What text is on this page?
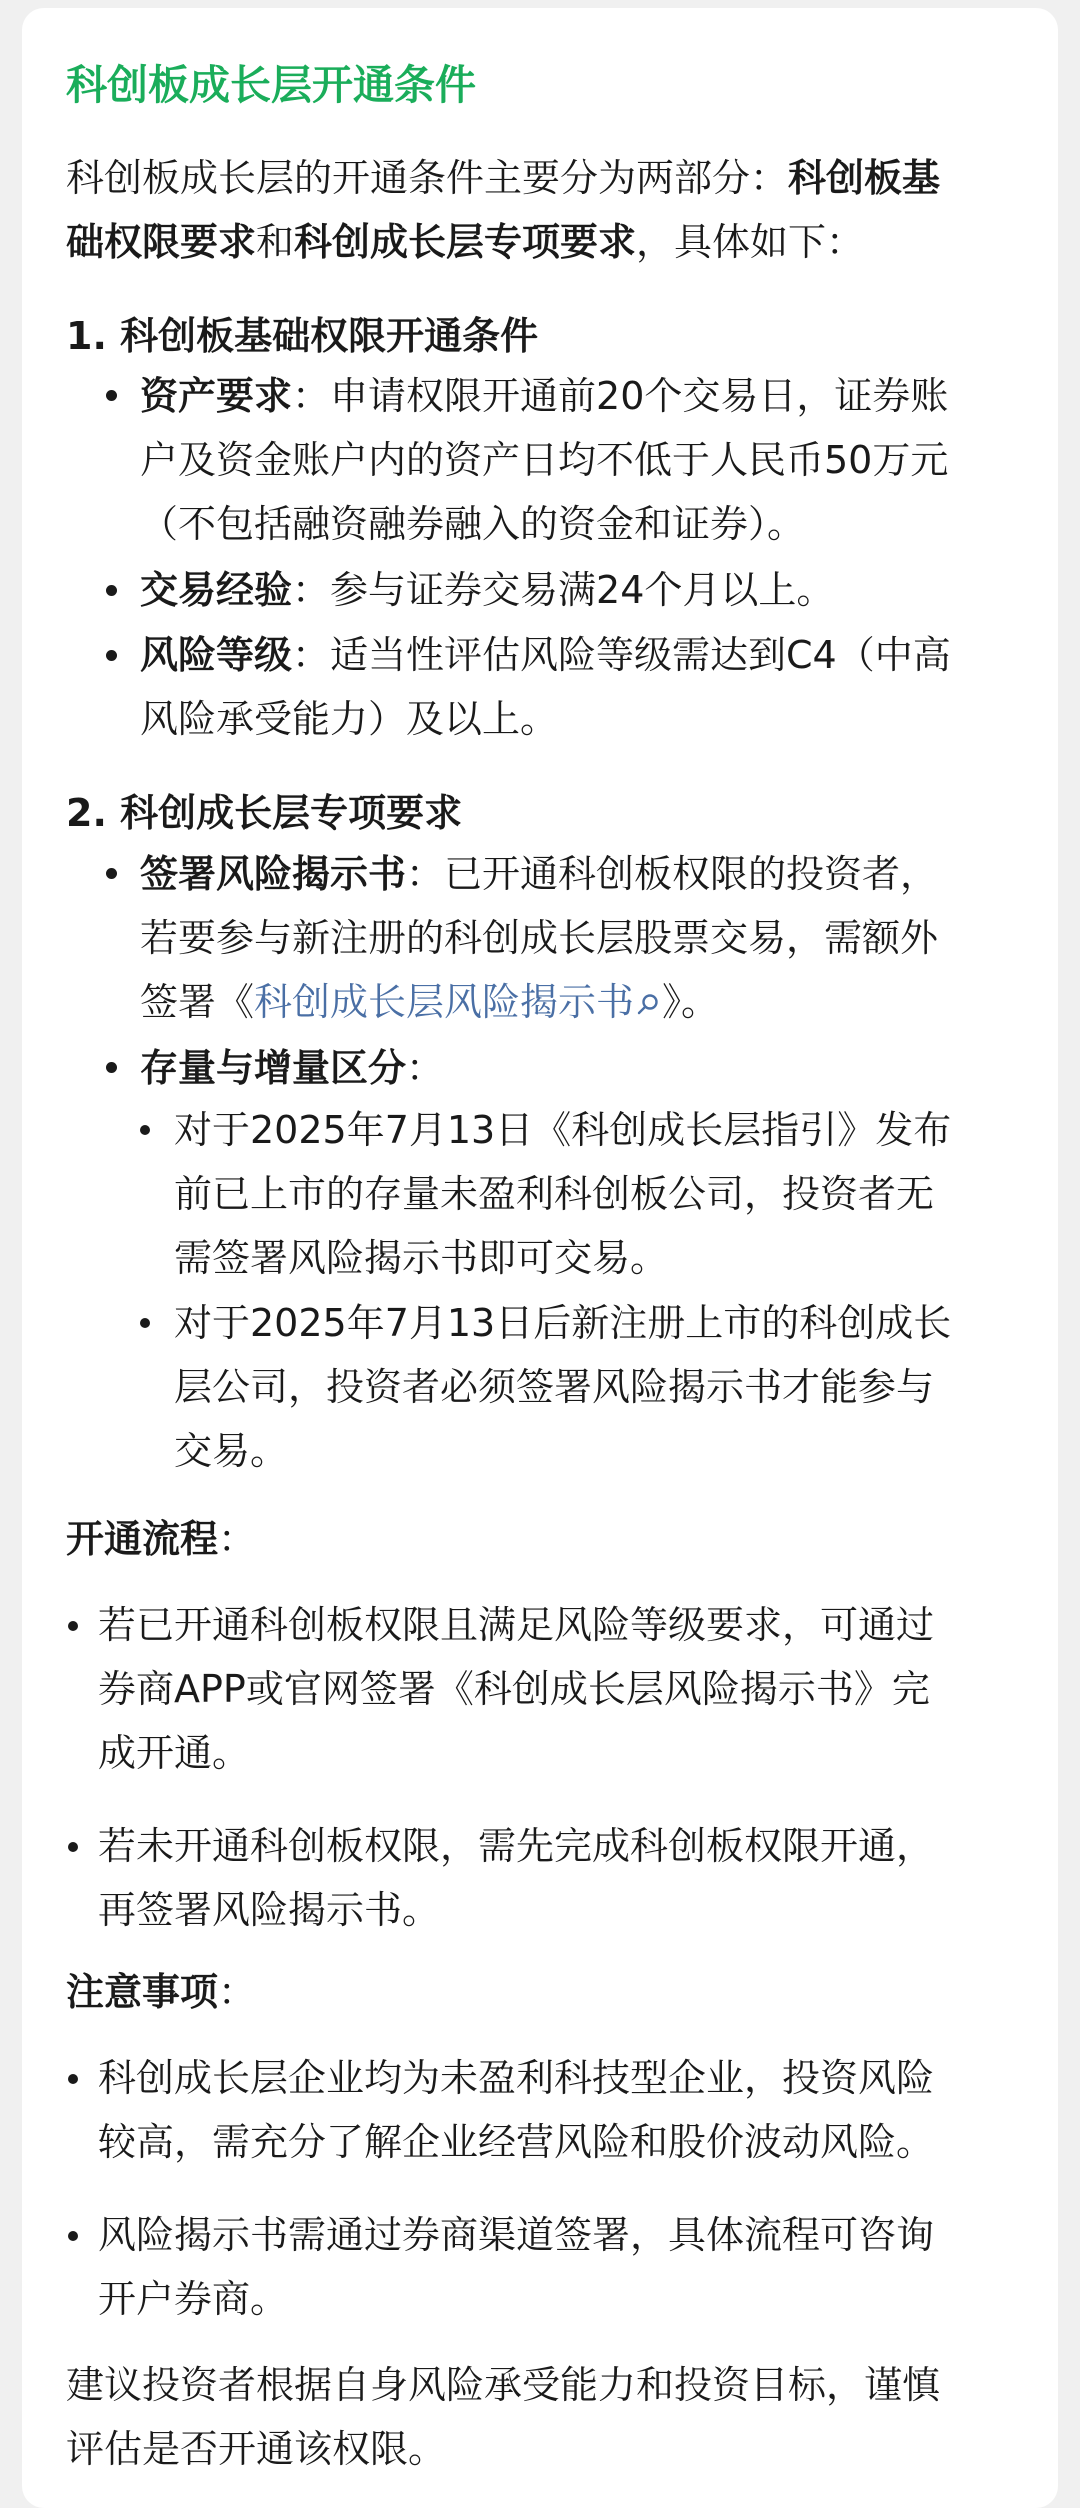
科创板成长层开通条件
科创板成长层的开通条件主要分为两部分：科创板基
础权限要求和科创成长层专项要求，具体如下：
1. 科创板基础权限开通条件
资产要求：申请权限开通前20个交易日，证券账
户及资金账户内的资产日均不低于人民币50万元
（不包括融资融券融入的资金和证券）。
交易经验：参与证券交易满24个月以上。
风险等级：适当性评估风险等级需达到C4（中高
风险承受能力）及以上。
2. 科创成长层专项要求
签署风险揭示书：已开通科创板权限的投资者，
若要参与新注册的科创成长层股票交易，需额外
签署《科创成长层风险揭示书 》。
存量与增量区分：
对于2025年7月13日《科创成长层指引》发布
前已上市的存量未盈利科创板公司，投资者无
需签署风险揭示书即可交易。
对于2025年7月13日后新注册上市的科创成长
层公司，投资者必须签署风险揭示书才能参与
交易。
开通流程：
若已开通科创板权限且满足风险等级要求，可通过
券商APP或官网签署《科创成长层风险揭示书》完
成开通。
若未开通科创板权限，需先完成科创板权限开通，
再签署风险揭示书。
注意事项：
科创成长层企业均为未盈利科技型企业，投资风险
较高，需充分了解企业经营风险和股价波动风险。
风险揭示书需通过券商渠道签署，具体流程可咨询
开户券商。
建议投资者根据自身风险承受能力和投资目标，谨慎
评估是否开通该权限。
